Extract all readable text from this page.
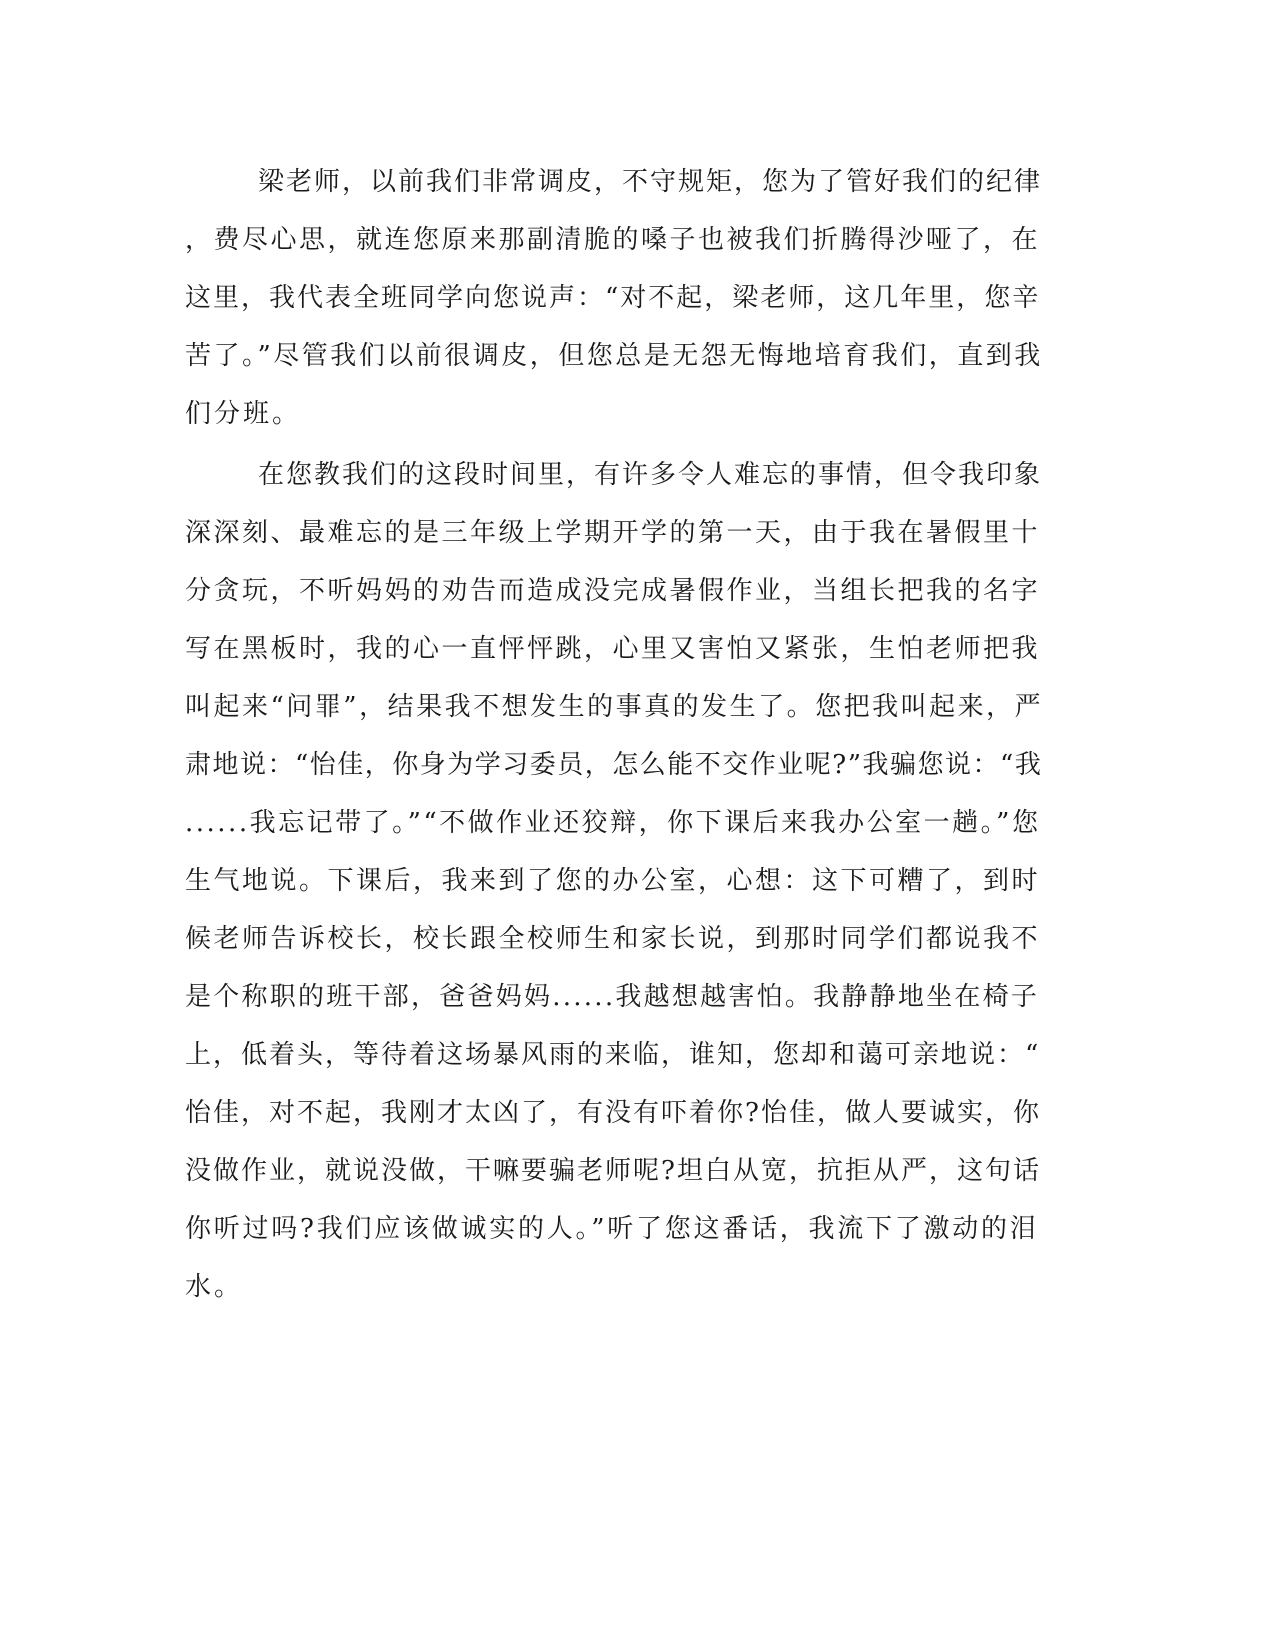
梁老师，以前我们非常调皮，不守规矩，您为了管好我们的纪律
，费尽心思，就连您原来那副清脆的嗓子也被我们折腾得沙哑了，在
这里，我代表全班同学向您说声：“对不起，梁老师，这几年里，您辛
苦了。”尽管我们以前很调皮，但您总是无怨无悔地培育我们，直到我
们分班。
在您教我们的这段时间里，有许多令人难忘的事情，但令我印象
深深刻、最难忘的是三年级上学期开学的第一天，由于我在暑假里十
分贪玩，不听妈妈的劝告而造成没完成暑假作业，当组长把我的名字
写在黑板时，我的心一直怦怦跳，心里又害怕又紧张，生怕老师把我
叫起来“问罪”，结果我不想发生的事真的发生了。您把我叫起来，严
肃地说：“怡佳，你身为学习委员，怎么能不交作业呢?”我骗您说：“我
......我忘记带了。”“不做作业还狡辩，你下课后来我办公室一趟。”您
生气地说。下课后，我来到了您的办公室，心想：这下可糟了，到时
候老师告诉校长，校长跟全校师生和家长说，到那时同学们都说我不
是个称职的班干部，爸爸妈妈......我越想越害怕。我静静地坐在椅子
上，低着头，等待着这场暴风雨的来临，谁知，您却和蔼可亲地说：“
怡佳，对不起，我刚才太凶了，有没有吓着你?怡佳，做人要诚实，你
没做作业，就说没做，干嘛要骗老师呢?坦白从宽，抗拒从严，这句话
你听过吗?我们应该做诚实的人。”听了您这番话，我流下了激动的泪
水。
